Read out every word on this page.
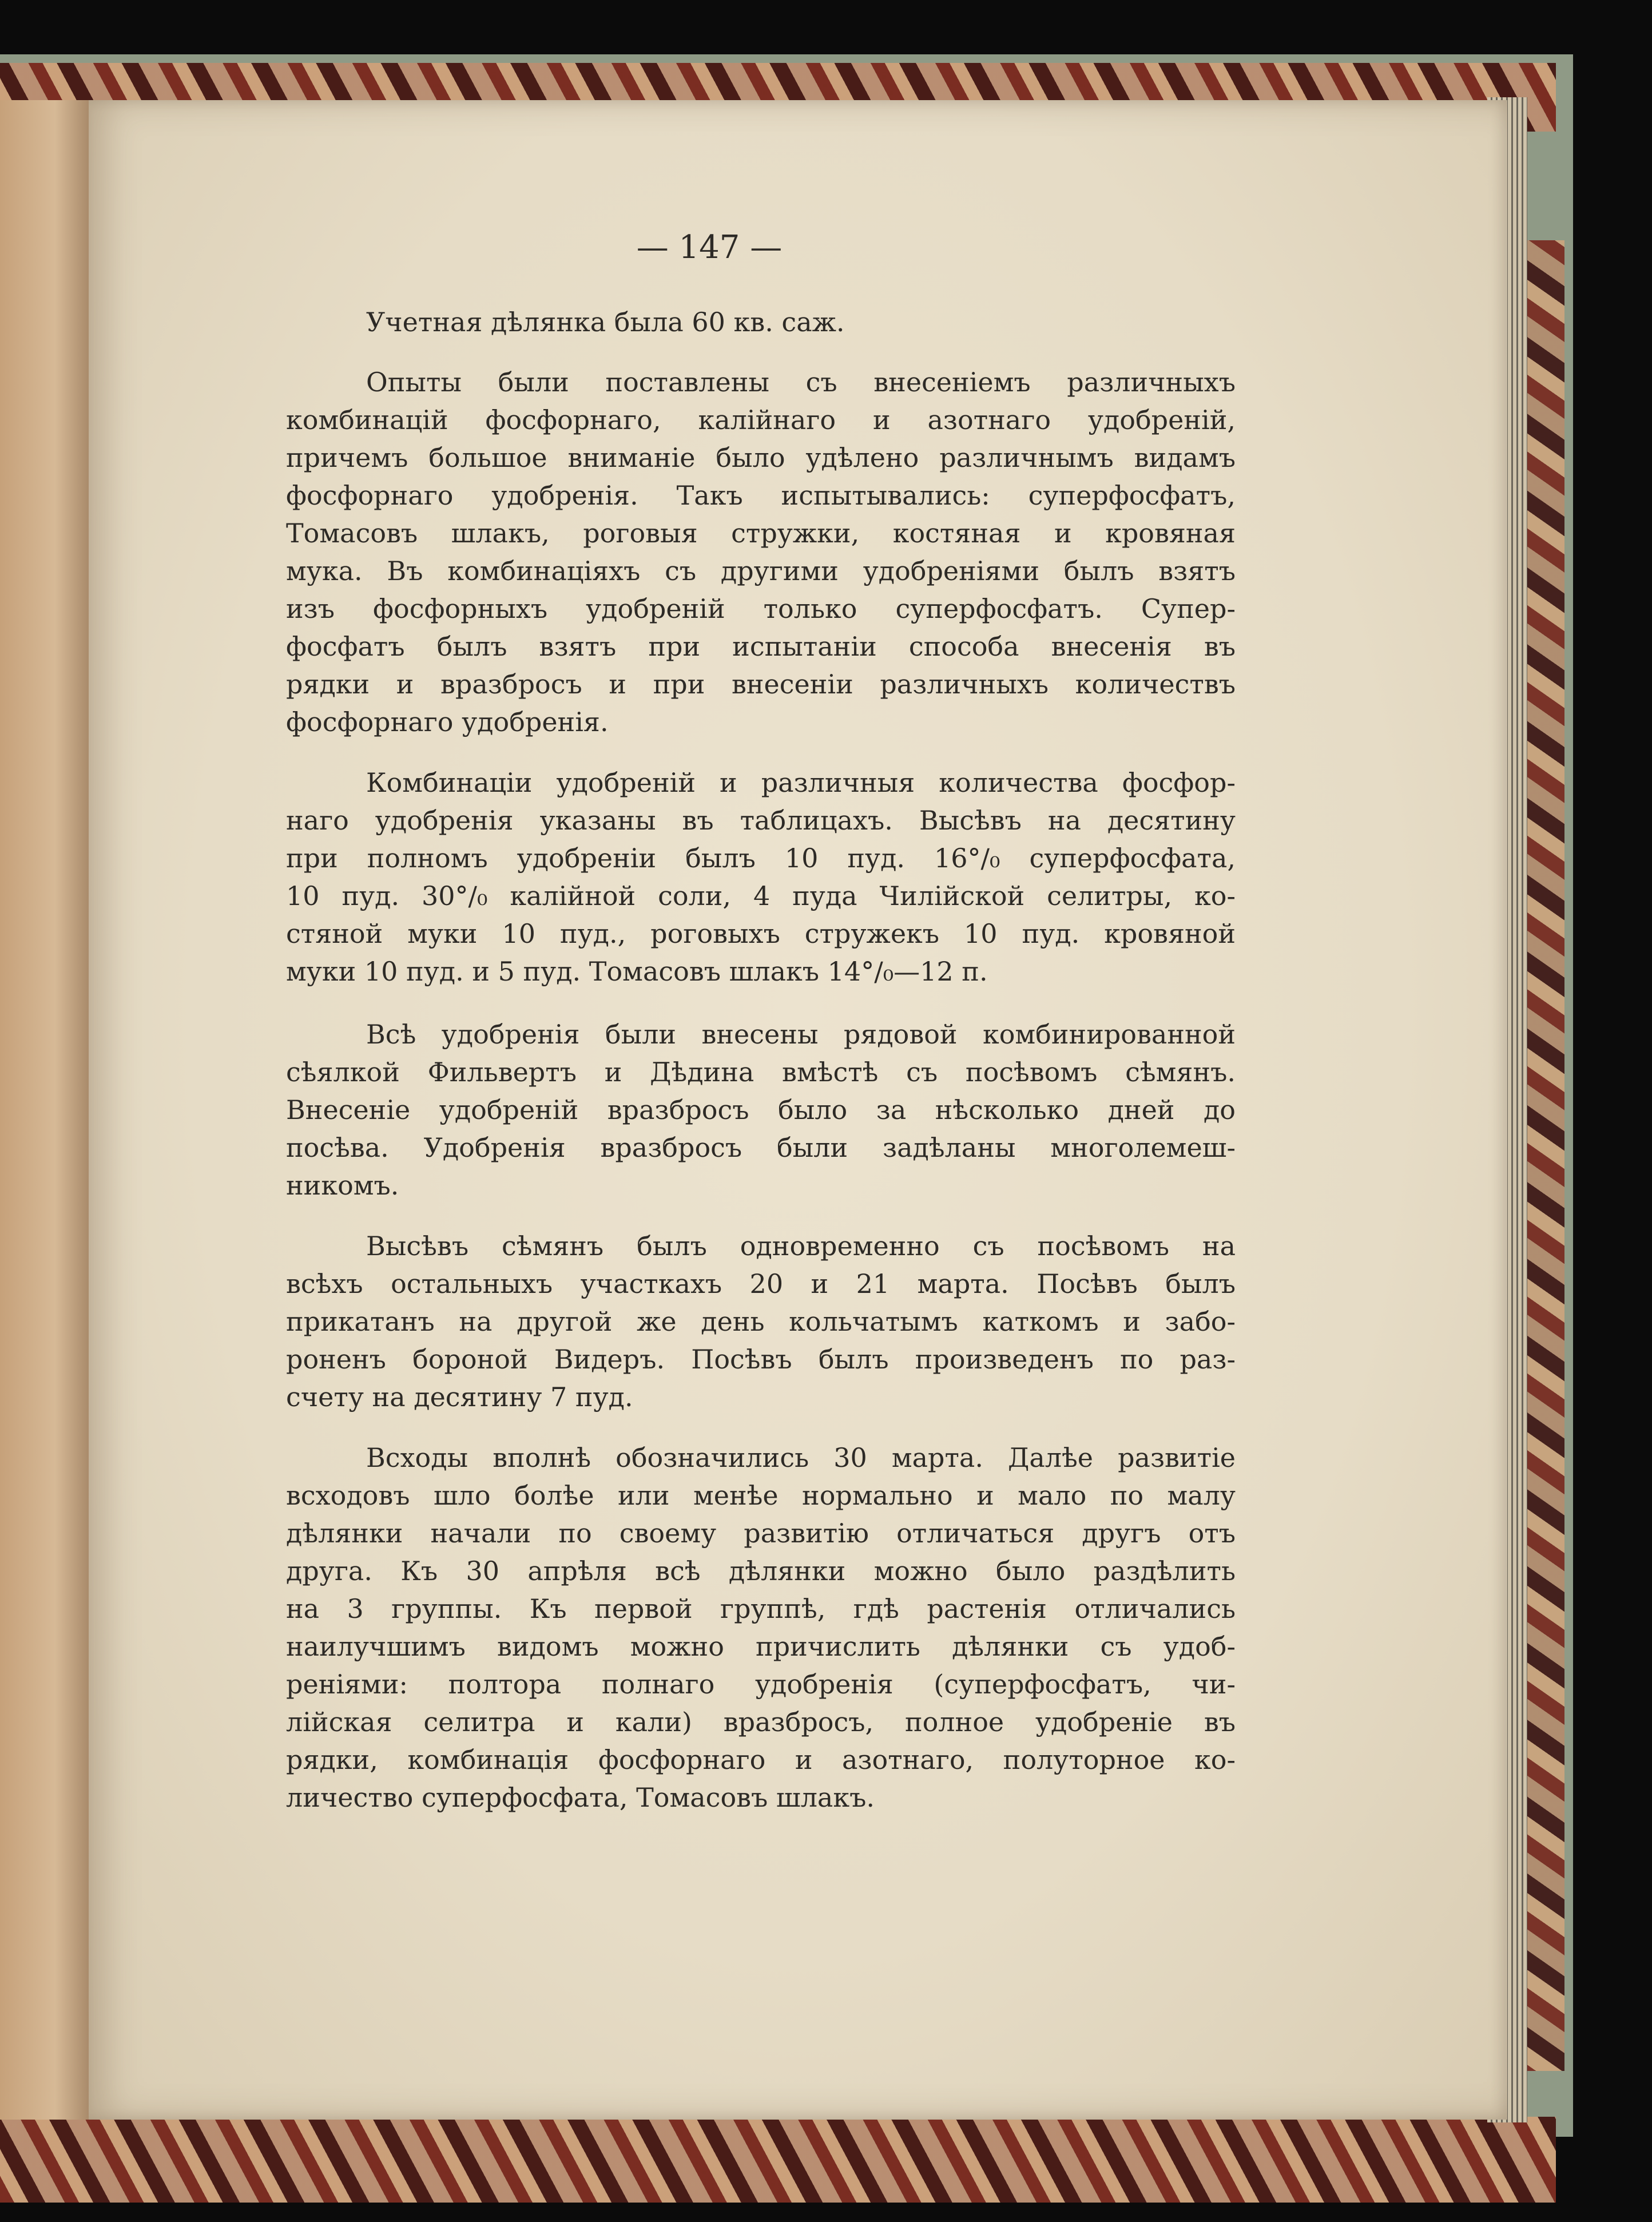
— 147 —
Учетная дѣлянка была 60 кв. саж.
Опыты были поставлены съ внесеніемъ различныхъ
комбинацій фосфорнаго, калійнаго и азотнаго удобреній,
причемъ большое вниманіе было удѣлено различнымъ видамъ
фосфорнаго удобренія. Такъ испытывались: суперфосфатъ,
Томасовъ шлакъ, роговыя стружки, костяная и кровяная
мука. Въ комбинаціяхъ съ другими удобреніями былъ взятъ
изъ фосфорныхъ удобреній только суперфосфатъ. Супер-
фосфатъ былъ взятъ при испытаніи способа внесенія въ
рядки и вразбросъ и при внесеніи различныхъ количествъ
фосфорнаго удобренія.
Комбинаціи удобреній и различныя количества фосфор-
наго удобренія указаны въ таблицахъ. Высѣвъ на десятину
при полномъ удобреніи былъ 10 пуд. 16°/₀ суперфосфата,
10 пуд. 30°/₀ калійной соли, 4 пуда Чилійской селитры, ко-
стяной муки 10 пуд., роговыхъ стружекъ 10 пуд. кровяной
муки 10 пуд. и 5 пуд. Томасовъ шлакъ 14°/₀—12 п.
Всѣ удобренія были внесены рядовой комбинированной
сѣялкой Фильвертъ и Дѣдина вмѣстѣ съ посѣвомъ сѣмянъ.
Внесеніе удобреній вразбросъ было за нѣсколько дней до
посѣва. Удобренія вразбросъ были задѣланы многолемеш-
никомъ.
Высѣвъ сѣмянъ былъ одновременно съ посѣвомъ на
всѣхъ остальныхъ участкахъ 20 и 21 марта. Посѣвъ былъ
прикатанъ на другой же день кольчатымъ каткомъ и забо-
роненъ бороной Видеръ. Посѣвъ былъ произведенъ по раз-
счету на десятину 7 пуд.
Всходы вполнѣ обозначились 30 марта. Далѣе развитіе
всходовъ шло болѣе или менѣе нормально и мало по малу
дѣлянки начали по своему развитію отличаться другъ отъ
друга. Къ 30 апрѣля всѣ дѣлянки можно было раздѣлить
на 3 группы. Къ первой группѣ, гдѣ растенія отличались
наилучшимъ видомъ можно причислить дѣлянки съ удоб-
реніями: полтора полнаго удобренія (суперфосфатъ, чи-
лійская селитра и кали) вразбросъ, полное удобреніе въ
рядки, комбинація фосфорнаго и азотнаго, полуторное ко-
личество суперфосфата, Томасовъ шлакъ.
